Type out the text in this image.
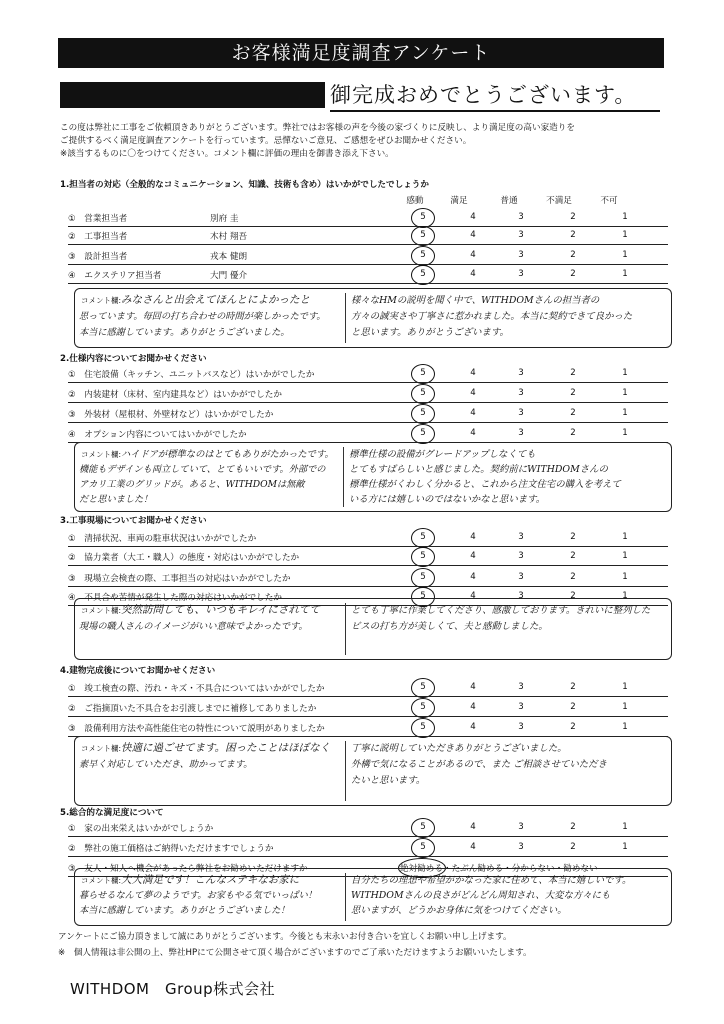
お客様満足度調査アンケート
御完成おめでとうございます。
この度は弊社に工事をご依頼頂きありがとうございます。弊社ではお客様の声を今後の家づくりに反映し、より満足度の高い家造りを
ご提供するべく満足度調査アンケートを行っています。忌憚ないご意見、ご感想をぜひお聞かせください。
※該当するものに〇をつけてください。コメント欄に評価の理由を御書き添え下さい。
1.担当者の対応（全般的なコミュニケーション、知識、技術も含め）はいかがでしたでしょうか
感動	満足	普通	不満足	不可
①　営業担当者	別府 圭	5	4	3	2	1
②　工事担当者	木村 翔吾	5	4	3	2	1
③　設計担当者	戎本 健朗	5	4	3	2	1
④　エクステリア担当者	大門 優介	5	4	3	2	1
コメント欄: みなさんと出会えてほんとによかったと
思っています。毎回の打ち合わせの時間が楽しかったです。
本当に感謝しています。ありがとうございました。
様々なHMの説明を聞く中で、WITHDOMさんの担当者の
方々の誠実さや丁寧さに惹かれました。本当に契約できて良かった
と思います。ありがとうございます。
2.仕様内容についてお聞かせください
①　住宅設備（キッチン、ユニットバスなど）はいかがでしたか	5	4	3	2	1
②　内装建材（床材、室内建具など）はいかがでしたか	5	4	3	2	1
③　外装材（屋根材、外壁材など）はいかがでしたか	5	4	3	2	1
④　オプション内容についてはいかがでしたか	5	4	3	2	1
コメント欄: ハイドアが標準なのはとてもありがたかったです。
機能もデザインも両立していて、とてもいいです。外部での
アカリ工業のグリッドが。あると、WITHDOMは無敵
だと思いました！
標準仕様の設備がグレードアップしなくても
とてもすばらしいと感じました。契約前にWITHDOMさんの
標準仕様がくわしく分かると、これから注文住宅の購入を考えて
いる方には嬉しいのではないかなと思います。
3.工事現場についてお聞かせください
①　清掃状況、車両の駐車状況はいかがでしたか	5	4	3	2	1
②　協力業者（大工・職人）の態度・対応はいかがでしたか	5	4	3	2	1
③　現場立会検査の際、工事担当の対応はいかがでしたか	5	4	3	2	1
④　不具合や苦情が発生した際の対応はいかがでしたか	5	4	3	2	1
コメント欄: 突然訪問しても、いつもキレイにされてて
現場の職人さんのイメージがいい意味でよかったです。
とても丁寧に作業してくださり、感激しております。きれいに整列した
ビスの打ち方が美しくて、夫と感動しました。
4.建物完成後についてお聞かせください
①　竣工検査の際、汚れ・キズ・不具合についてはいかがでしたか	5	4	3	2	1
②　ご指摘頂いた不具合をお引渡しまでに補修してありましたか	5	4	3	2	1
③　設備利用方法や高性能住宅の特性について説明がありましたか	5	4	3	2	1
コメント欄: 快適に過ごせてます。困ったことはほぼなく
素早く対応していただき、助かってます。
丁寧に説明していただきありがとうございました。
外構で気になることがあるので、また ご相談させていただき
たいと思います。
5.総合的な満足度について
①　家の出来栄えはいかがでしょうか	5	4	3	2	1
②　弊社の施工価格はご納得いただけますでしょうか	5	4	3	2	1
③　友人・知人へ機会があったら弊社をお勧めいただけますか	絶対勧める・たぶん勧める・分からない・勧めない
コメント欄: 大大満足です！こんなステキなお家に
暮らせるなんて夢のようです。お家もやる気でいっぱい！
本当に感謝しています。ありがとうございました！
自分たちの理想や希望がかなった家に住めて、本当に嬉しいです。
WITHDOMさんの良さがどんどん周知され、大変な方々にも
思いますが、どうかお身体に気をつけてください。
アンケートにご協力頂きまして誠にありがとうございます。今後とも末永いお付き合いを宜しくお願い申し上げます。
※　個人情報は非公開の上、弊社HPにて公開させて頂く場合がございますのでご了承いただけますようお願いいたします。
WITHDOM　Group株式会社
